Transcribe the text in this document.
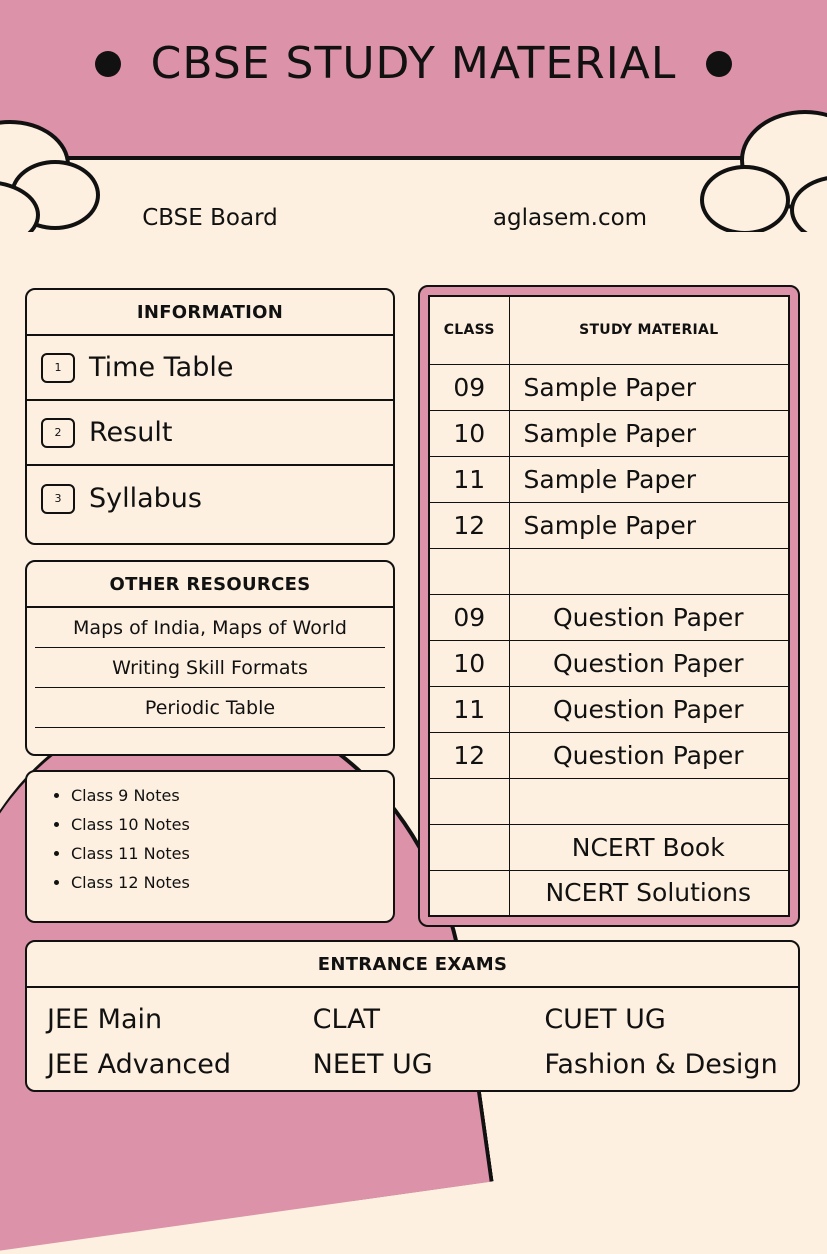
CBSE STUDY MATERIAL
CBSE Board	aglasem.com
INFORMATION
1	Time Table
2	Result
3	Syllabus
OTHER RESOURCES
Maps of India, Maps of World
Writing Skill Formats
Periodic Table
• Class 9 Notes
• Class 10 Notes
• Class 11 Notes
• Class 12 Notes
CLASS	STUDY MATERIAL
09	Sample Paper
10	Sample Paper
11	Sample Paper
12	Sample Paper

09	Question Paper
10	Question Paper
11	Question Paper
12	Question Paper

	NCERT Book
	NCERT Solutions
ENTRANCE EXAMS
JEE Main	CLAT	CUET UG
JEE Advanced	NEET UG	Fashion & Design
